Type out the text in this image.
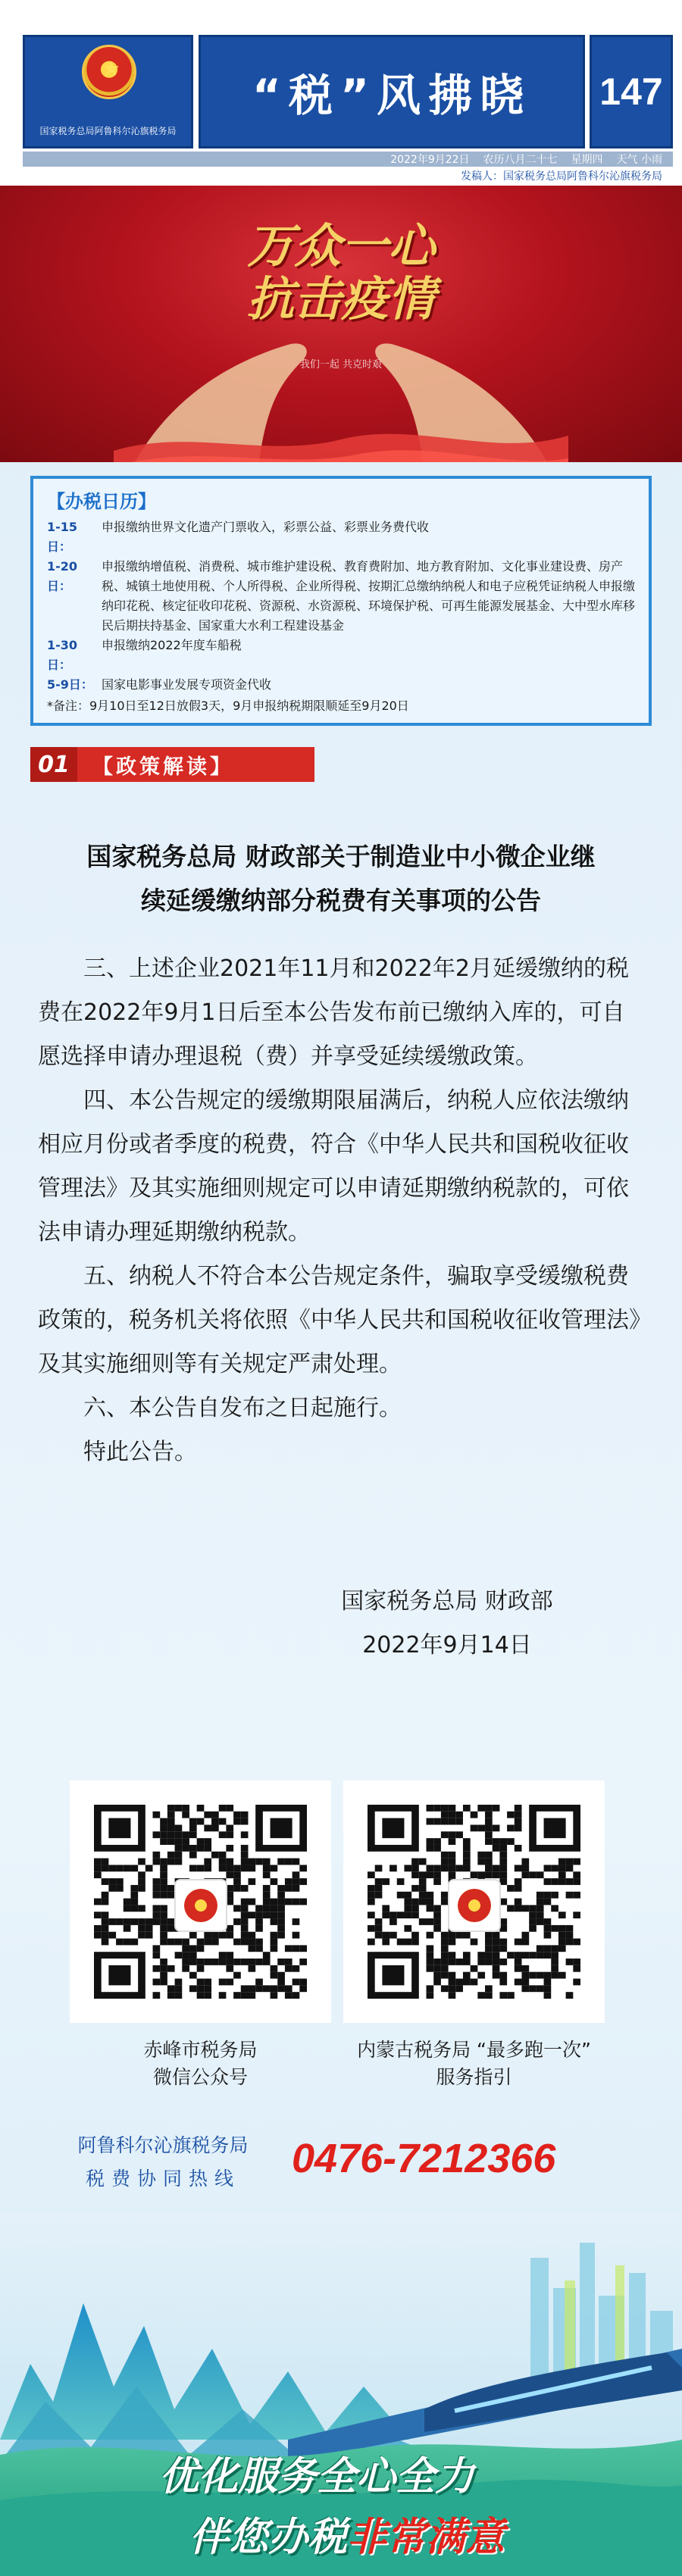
★
国家税务总局阿鲁科尔沁旗税务局
“税”风拂晓 147
2022年9月22日 农历八月二十七 星期四 天气 小雨
发稿人：国家税务总局阿鲁科尔沁旗税务局
万众一心
抗击疫情
我们一起 共克时艰
【办税日历】
1-15日：
申报缴纳世界文化遗产门票收入，彩票公益、彩票业务费代收
1-20日：
申报缴纳增值税、消费税、城市维护建设税、教育费附加、地方教育附加、文化事业建设费、房产税、城镇土地使用税、个人所得税、企业所得税、按期汇总缴纳纳税人和电子应税凭证纳税人申报缴纳印花税、核定征收印花税、资源税、水资源税、环境保护税、可再生能源发展基金、大中型水库移民后期扶持基金、国家重大水利工程建设基金
1-30日：
申报缴纳2022年度车船税
5-9日： 国家电影事业发展专项资金代收
*备注：9月10日至12日放假3天，9月申报纳税期限顺延至9月20日
01	【政策解读】
国家税务总局 财政部关于制造业中小微企业继
续延缓缴纳部分税费有关事项的公告

三、上述企业2021年11月和2022年2月延缓缴纳的税费在2022年9月1日后至本公告发布前已缴纳入库的，可自愿选择申请办理退税（费）并享受延续缓缴政策。

四、本公告规定的缓缴期限届满后，纳税人应依法缴纳相应月份或者季度的税费，符合《中华人民共和国税收征收管理法》及其实施细则规定可以申请延期缴纳税款的，可依法申请办理延期缴纳税款。

五、纳税人不符合本公告规定条件，骗取享受缓缴税费政策的，税务机关将依照《中华人民共和国税收征收管理法》及其实施细则等有关规定严肃处理。

六、本公告自发布之日起施行。

特此公告。

国家税务总局 财政部
2022年9月14日
赤峰市税务局
微信公众号
内蒙古税务局 “最多跑一次”
服务指引
阿鲁科尔沁旗税务局
税费协同热线	0476-7212366
优化服务全心全力
伴您办税非常满意
